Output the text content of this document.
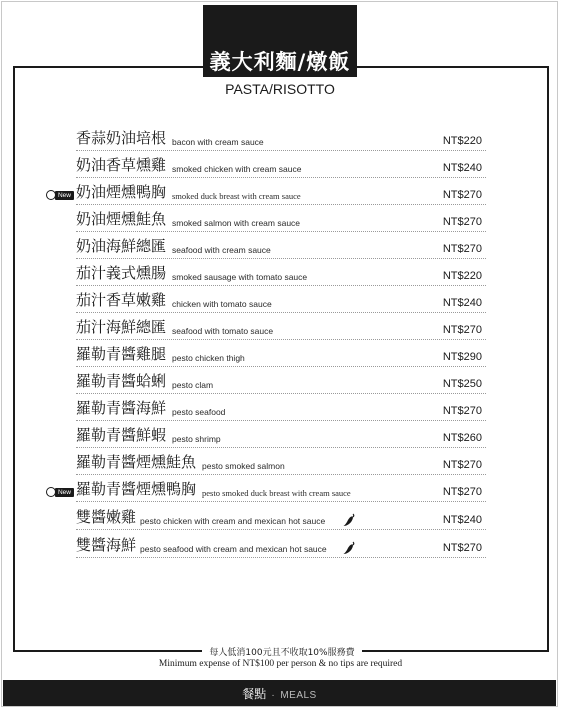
義大利麵/燉飯
PASTA/RISOTTO
香蒜奶油培根 bacon with cream sauce	NT$220
奶油香草燻雞 smoked chicken with cream sauce	NT$240
New 奶油煙燻鴨胸 smoked duck breast with cream sauce	NT$270
奶油煙燻鮭魚 smoked salmon with cream sauce	NT$270
奶油海鮮總匯 seafood with cream sauce	NT$270
茄汁義式燻腸 smoked sausage with tomato sauce	NT$220
茄汁香草嫩雞 chicken with tomato sauce	NT$240
茄汁海鮮總匯 seafood with tomato sauce	NT$270
羅勒青醬雞腿 pesto chicken thigh	NT$290
羅勒青醬蛤蜊 pesto clam	NT$250
羅勒青醬海鮮 pesto seafood	NT$270
羅勒青醬鮮蝦 pesto shrimp	NT$260
羅勒青醬煙燻鮭魚 pesto smoked salmon	NT$270
New 羅勒青醬煙燻鴨胸 pesto smoked duck breast with cream sauce	NT$270
雙醬嫩雞 pesto chicken with cream and mexican hot sauce	NT$240
雙醬海鮮 pesto seafood with cream and mexican hot sauce	NT$270
每人低消100元且不收取10%服務費
Minimum expense of NT$100 per person & no tips are required
餐點 · MEALS
